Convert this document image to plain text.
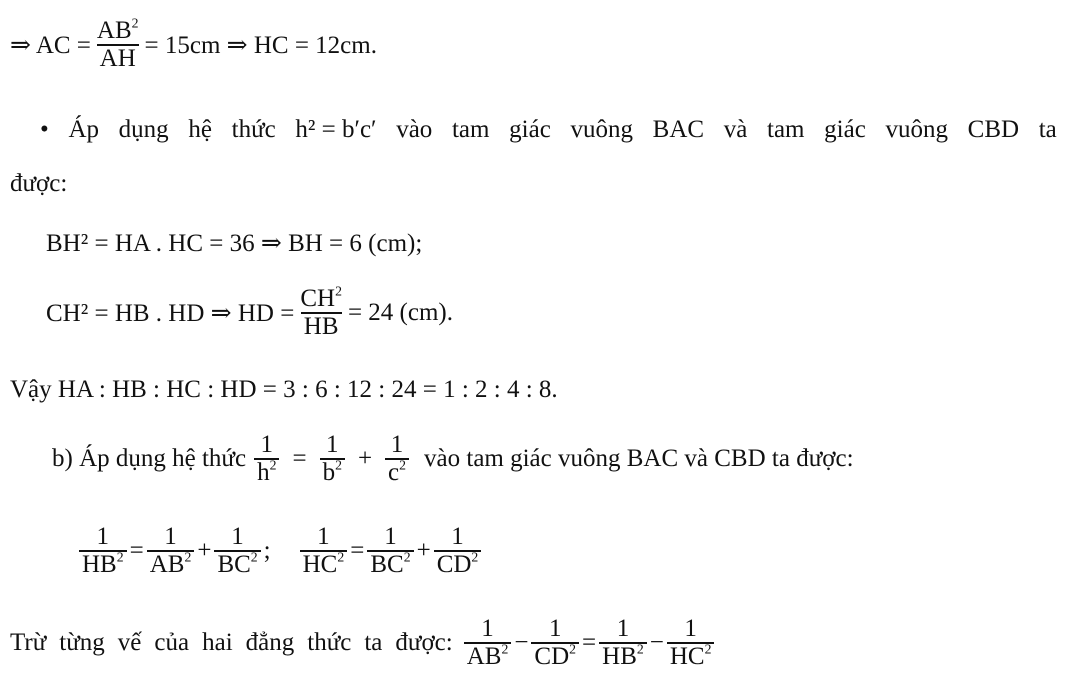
⇒ AC = $\frac{AB^2}{AH} = 15cm$ ⇒ HC = 12cm.
• Áp dụng hệ thức h² = b′c′ vào tam giác vuông BAC và tam giác vuông CBD ta
được:
BH² = HA . HC = 36 ⇒ BH = 6 (cm);
CH² = HB . HD ⇒ HD = $\frac{CH^2}{HB} = 24$ (cm).
Vậy HA : HB : HC : HD = 3 : 6 : 12 : 24 = 1 : 2 : 4 : 8.
b) Áp dụng hệ thức $\frac{1}{h^2} = \frac{1}{b^2} + \frac{1}{c^2}$ vào tam giác vuông BAC và CBD ta được:
$\frac{1}{HB^2} = \frac{1}{AB^2} + \frac{1}{BC^2}$ ; $\frac{1}{HC^2} = \frac{1}{BC^2} + \frac{1}{CD^2}$
Trừ từng vế của hai đẳng thức ta được: $\frac{1}{AB^2} - \frac{1}{CD^2} = \frac{1}{HB^2} - \frac{1}{HC^2}$
